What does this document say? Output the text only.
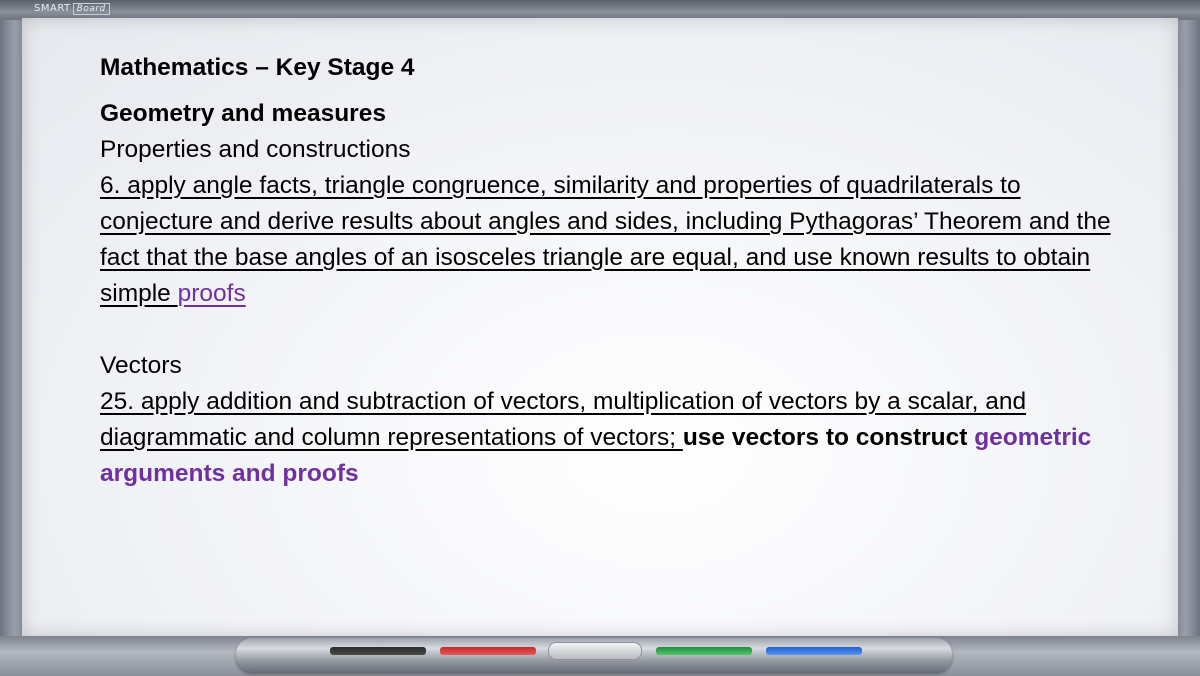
SMART Board

Mathematics – Key Stage 4

Geometry and measures

Properties and constructions

6. apply angle facts, triangle congruence, similarity and properties of quadrilaterals to conjecture and derive results about angles and sides, including Pythagoras’ Theorem and the fact that the base angles of an isosceles triangle are equal, and use known results to obtain simple proofs

Vectors

25. apply addition and subtraction of vectors, multiplication of vectors by a scalar, and diagrammatic and column representations of vectors; use vectors to construct geometric arguments and proofs
